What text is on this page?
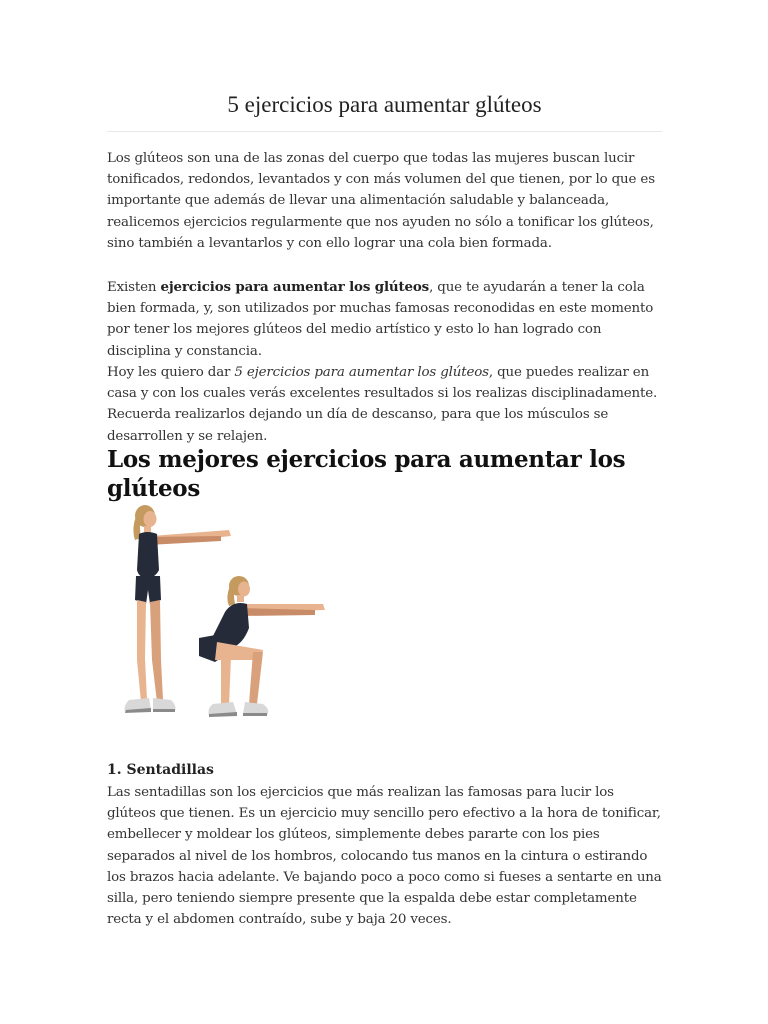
5 ejercicios para aumentar glúteos

Los glúteos son una de las zonas del cuerpo que todas las mujeres buscan lucir tonificados, redondos, levantados y con más volumen del que tienen, por lo que es importante que además de llevar una alimentación saludable y balanceada, realicemos ejercicios regularmente que nos ayuden no sólo a tonificar los glúteos, sino también a levantarlos y con ello lograr una cola bien formada.

Existen ejercicios para aumentar los glúteos, que te ayudarán a tener la cola bien formada, y, son utilizados por muchas famosas reconodidas en este momento por tener los mejores glúteos del medio artístico y esto lo han logrado con disciplina y constancia.

Hoy les quiero dar 5 ejercicios para aumentar los glúteos, que puedes realizar en casa y con los cuales verás excelentes resultados si los realizas disciplinadamente. Recuerda realizarlos dejando un día de descanso, para que los músculos se desarrollen y se relajen.

Los mejores ejercicios para aumentar los glúteos
1. Sentadillas

Las sentadillas son los ejercicios que más realizan las famosas para lucir los glúteos que tienen. Es un ejercicio muy sencillo pero efectivo a la hora de tonificar, embellecer y moldear los glúteos, simplemente debes pararte con los pies separados al nivel de los hombros, colocando tus manos en la cintura o estirando los brazos hacia adelante. Ve bajando poco a poco como si fueses a sentarte en una silla, pero teniendo siempre presente que la espalda debe estar completamente recta y el abdomen contraído, sube y baja 20 veces.
